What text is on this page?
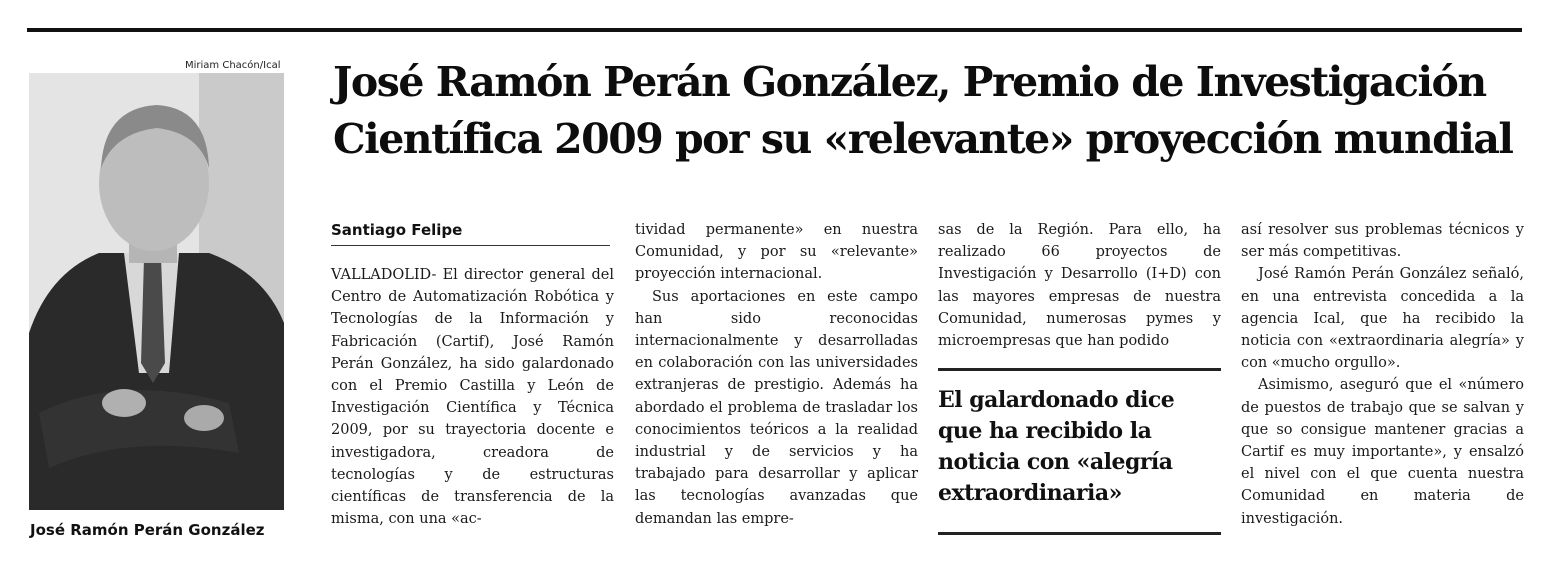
Miriam Chacón/Ical
José Ramón Perán González
José Ramón Perán González, Premio de Investigación
Científica 2009 por su «relevante» proyección mundial
Santiago Felipe

VALLADOLID- El director general del Centro de Automatización Robótica y Tecnologías de la Información y Fabricación (Cartif), José Ramón Perán González, ha sido galardonado con el Premio Castilla y León de Investigación Científica y Técnica 2009, por su trayectoria docente e investigadora, creadora de tecnologías y de estructuras científicas de transferencia de la misma, con una «ac-

tividad permanente» en nuestra Comunidad, y por su «relevante» proyección internacional.

Sus aportaciones en este campo han sido reconocidas internacionalmente y desarrolladas en colaboración con las universidades extranjeras de prestigio. Además ha abordado el problema de trasladar los conocimientos teóricos a la realidad industrial y de servicios y ha trabajado para desarrollar y aplicar las tecnologías avanzadas que demandan las empre-

sas de la Región. Para ello, ha realizado 66 proyectos de Investigación y Desarrollo (I+D) con las mayores empresas de nuestra Comunidad, numerosas pymes y microempresas que han podido

El galardonado dice
que ha recibido la
noticia con «alegría
extraordinaria»

así resolver sus problemas técnicos y ser más competitivas.

José Ramón Perán González señaló, en una entrevista concedida a la agencia Ical, que ha recibido la noticia con «extraordinaria alegría» y con «mucho orgullo».

Asimismo, aseguró que el «número de puestos de trabajo que se salvan y que so consigue mantener gracias a Cartif es muy importante», y ensalzó el nivel con el que cuenta nuestra Comunidad en materia de investigación.
